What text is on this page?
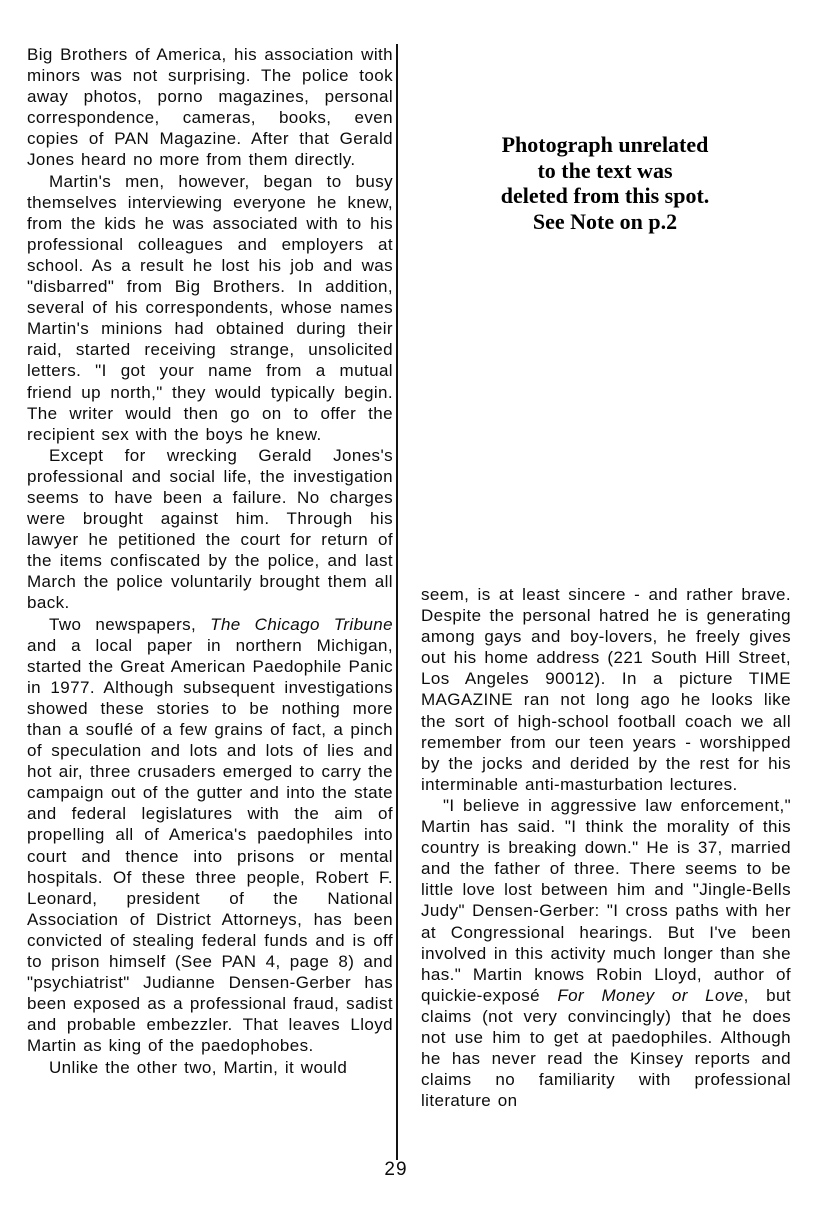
Big Brothers of America, his association with minors was not surprising. The police took away photos, porno magazines, personal correspondence, cameras, books, even copies of PAN Magazine. After that Gerald Jones heard no more from them directly.

Martin's men, however, began to busy themselves interviewing everyone he knew, from the kids he was associated with to his professional colleagues and employers at school. As a result he lost his job and was "disbarred" from Big Brothers. In addition, several of his correspondents, whose names Martin's minions had obtained during their raid, started receiving strange, unsolicited letters. "I got your name from a mutual friend up north," they would typically begin. The writer would then go on to offer the recipient sex with the boys he knew.

Except for wrecking Gerald Jones's professional and social life, the investigation seems to have been a failure. No charges were brought against him. Through his lawyer he petitioned the court for return of the items confiscated by the police, and last March the police voluntarily brought them all back.

Two newspapers, The Chicago Tribune and a local paper in northern Michigan, started the Great American Paedophile Panic in 1977. Although subsequent investigations showed these stories to be nothing more than a souflé of a few grains of fact, a pinch of speculation and lots and lots of lies and hot air, three crusaders emerged to carry the campaign out of the gutter and into the state and federal legislatures with the aim of propelling all of America's paedophiles into court and thence into prisons or mental hospitals. Of these three people, Robert F. Leonard, president of the National Association of District Attorneys, has been convicted of stealing federal funds and is off to prison himself (See PAN 4, page 8) and "psychiatrist" Judianne Densen-Gerber has been exposed as a professional fraud, sadist and probable embezzler. That leaves Lloyd Martin as king of the paedophobes.

Unlike the other two, Martin, it would

Photograph unrelated
to the text was
deleted from this spot.
See Note on p.2

seem, is at least sincere - and rather brave. Despite the personal hatred he is generating among gays and boy-lovers, he freely gives out his home address (221 South Hill Street, Los Angeles 90012). In a picture TIME MAGAZINE ran not long ago he looks like the sort of high-school football coach we all remember from our teen years - worshipped by the jocks and derided by the rest for his interminable anti-masturbation lectures.

"I believe in aggressive law enforcement," Martin has said. "I think the morality of this country is breaking down." He is 37, married and the father of three. There seems to be little love lost between him and "Jingle-Bells Judy" Densen-Gerber: "I cross paths with her at Congressional hearings. But I've been involved in this activity much longer than she has." Martin knows Robin Lloyd, author of quickie-exposé For Money or Love, but claims (not very convincingly) that he does not use him to get at paedophiles. Although he has never read the Kinsey reports and claims no familiarity with professional literature on

29
